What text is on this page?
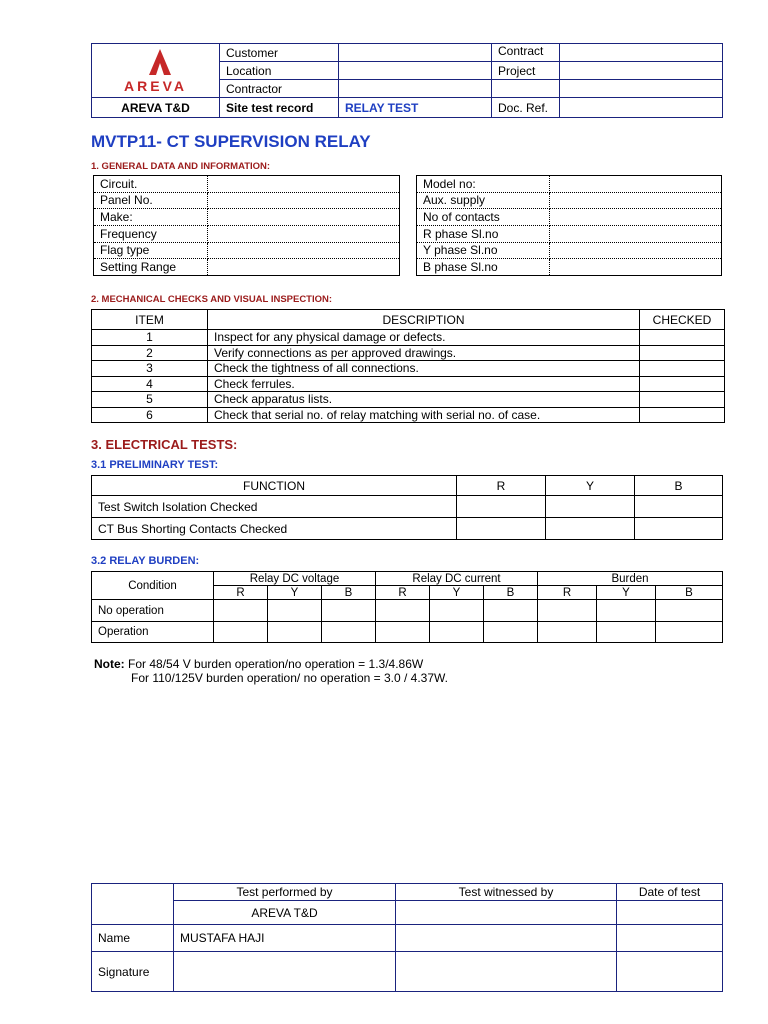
AREVA	Customer		Contract	
	Location		Project	
	Contractor			
AREVA T&D	Site test record	RELAY TEST	Doc. Ref.	
MVTP11- CT SUPERVISION RELAY
1. GENERAL DATA AND INFORMATION:
Circuit.	
Panel No.	
Make:	
Frequency	
Flag type	
Setting Range	
Model no:	
Aux. supply	
No of contacts	
R phase Sl.no	
Y phase Sl.no	
B phase Sl.no	
2. MECHANICAL CHECKS AND VISUAL INSPECTION:
ITEM	DESCRIPTION	CHECKED
1	Inspect for any physical damage or defects.	
2	Verify connections as per approved drawings.	
3	Check the tightness of all connections.	
4	Check ferrules.	
5	Check apparatus lists.	
6	Check that serial no. of relay matching with serial no. of case.	
3. ELECTRICAL TESTS:
3.1 PRELIMINARY TEST:
FUNCTION	R	Y	B
Test Switch Isolation Checked			
CT Bus Shorting Contacts Checked			
3.2 RELAY BURDEN:
Condition	Relay DC voltage			Relay DC current			Burden		
	R	Y	B	R	Y	B	R	Y	B
No operation									
Operation									
Note: For 48/54 V burden operation/no operation = 1.3/4.86W
For 110/125V burden operation/ no operation = 3.0 / 4.37W.
	Test performed by	Test witnessed by	Date of test
	AREVA T&D		
Name	MUSTAFA HAJI		
Signature			
